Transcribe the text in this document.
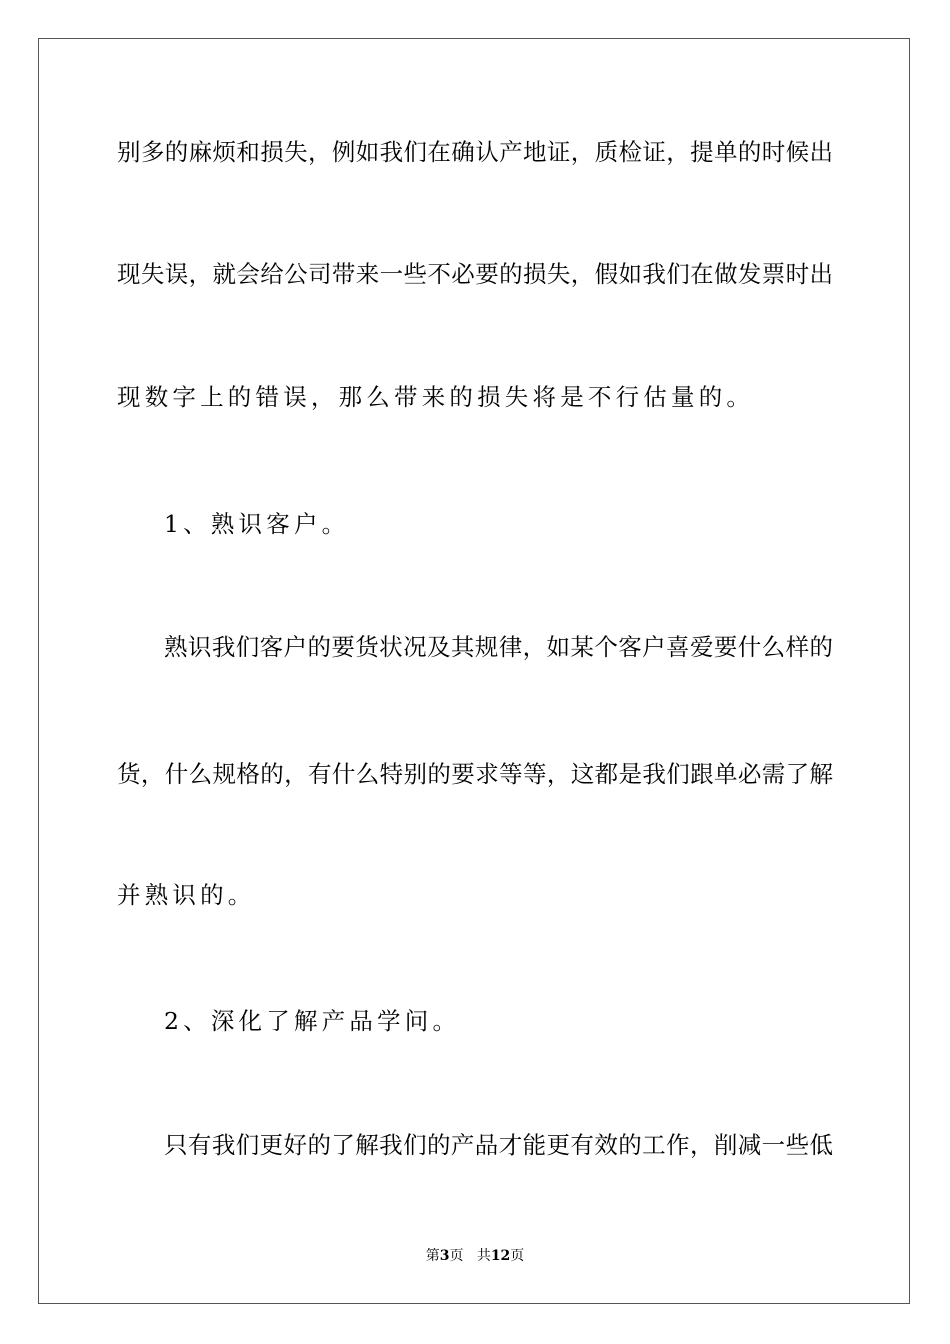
别多的麻烦和损失，例如我们在确认产地证，质检证，提单的时候出
现失误，就会给公司带来一些不必要的损失，假如我们在做发票时出
现数字上的错误，那么带来的损失将是不行估量的。
1、熟识客户。
熟识我们客户的要货状况及其规律，如某个客户喜爱要什么样的
货，什么规格的，有什么特别的要求等等，这都是我们跟单必需了解
并熟识的。
2、深化了解产品学问。
只有我们更好的了解我们的产品才能更有效的工作，削减一些低
第3页 共12页
